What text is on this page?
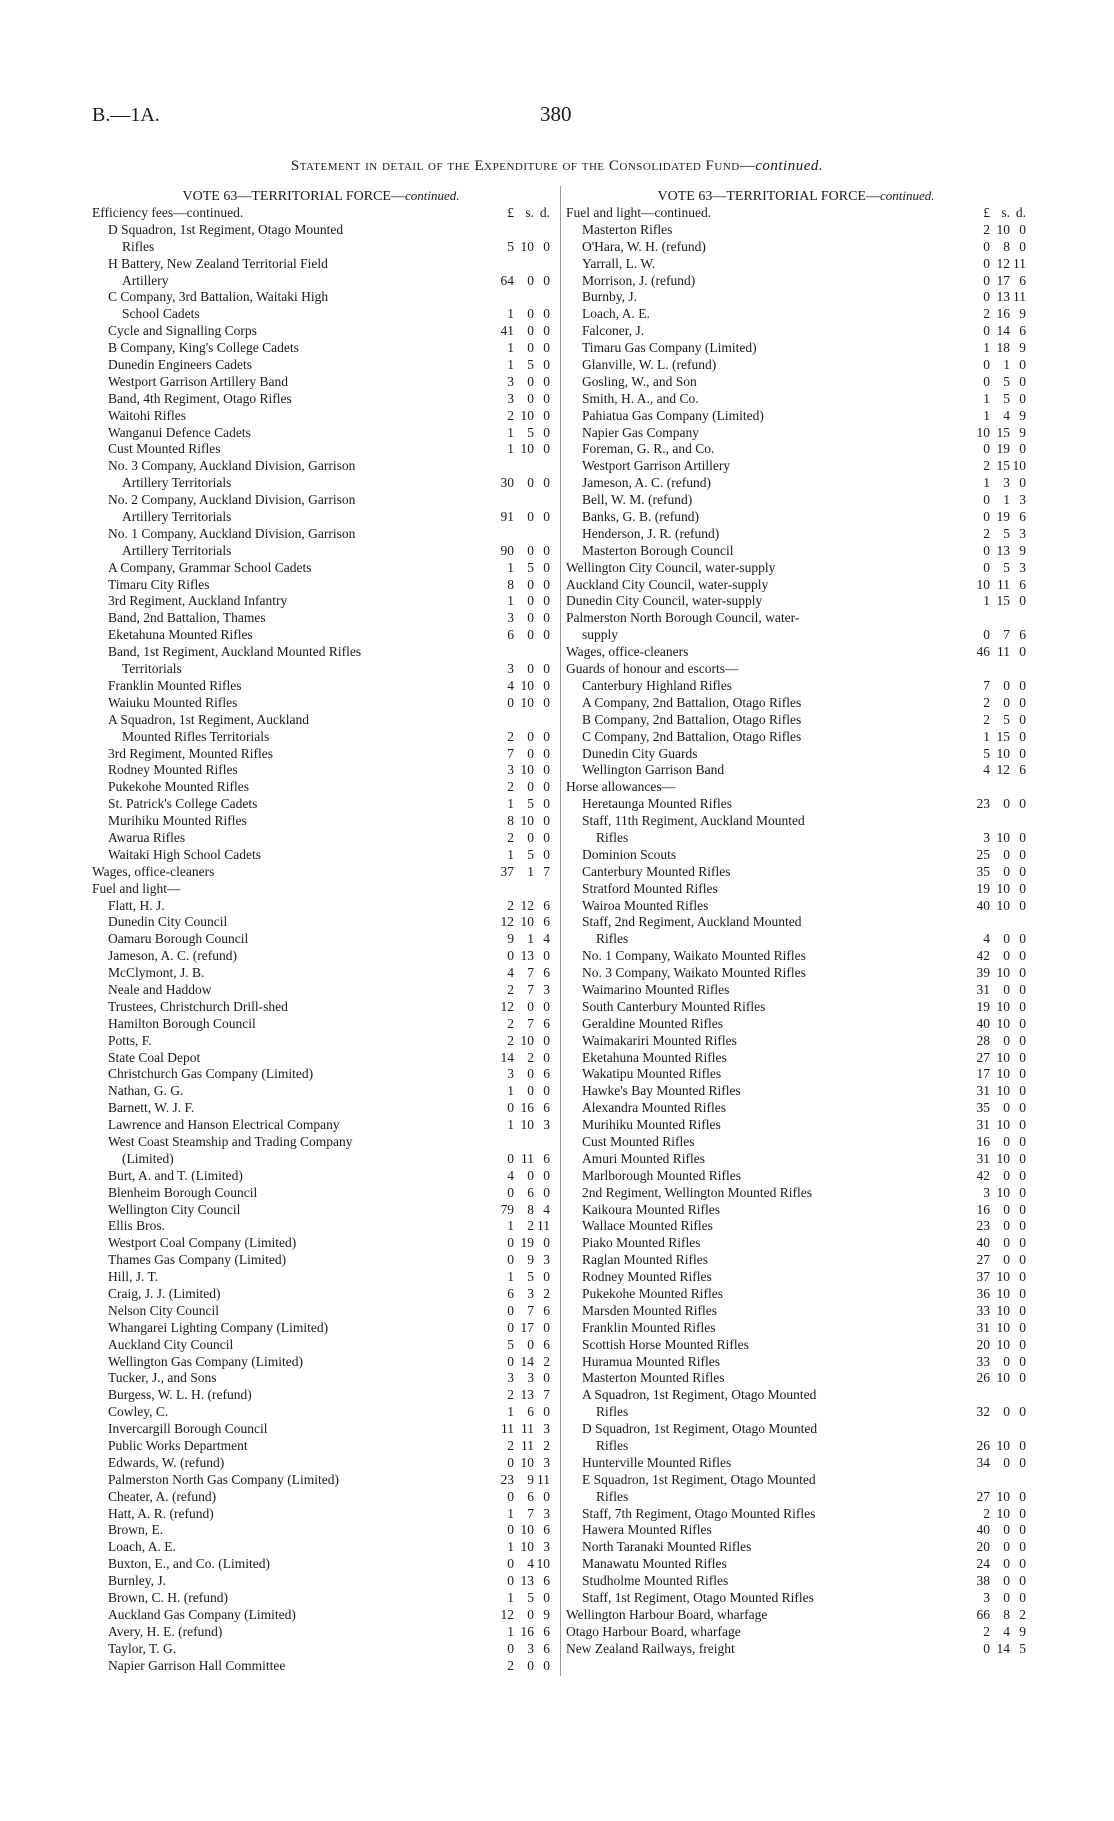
B.—1A.	380
Statement in detail of the Expenditure of the Consolidated Fund—continued.
VOTE 63—TERRITORIAL FORCE—continued.
Efficiency fees—continued.	£ s. d.
D Squadron, 1st Regiment, Otago Mounted
Rifles	5 10 0
H Battery, New Zealand Territorial Field
Artillery	64 0 0
C Company, 3rd Battalion, Waitaki High
School Cadets	1 0 0
Cycle and Signalling Corps	41 0 0
B Company, King's College Cadets	1 0 0
Dunedin Engineers Cadets	1 5 0
Westport Garrison Artillery Band	3 0 0
Band, 4th Regiment, Otago Rifles	3 0 0
Waitohi Rifles	2 10 0
Wanganui Defence Cadets	1 5 0
Cust Mounted Rifles	1 10 0
No. 3 Company, Auckland Division, Garrison
Artillery Territorials	30 0 0
No. 2 Company, Auckland Division, Garrison
Artillery Territorials	91 0 0
No. 1 Company, Auckland Division, Garrison
Artillery Territorials	90 0 0
A Company, Grammar School Cadets	1 5 0
Timaru City Rifles	8 0 0
3rd Regiment, Auckland Infantry	1 0 0
Band, 2nd Battalion, Thames	3 0 0
Eketahuna Mounted Rifles	6 0 0
Band, 1st Regiment, Auckland Mounted Rifles
Territorials	3 0 0
Franklin Mounted Rifles	4 10 0
Waiuku Mounted Rifles	0 10 0
A Squadron, 1st Regiment, Auckland
Mounted Rifles Territorials	2 0 0
3rd Regiment, Mounted Rifles	7 0 0
Rodney Mounted Rifles	3 10 0
Pukekohe Mounted Rifles	2 0 0
St. Patrick's College Cadets	1 5 0
Murihiku Mounted Rifles	8 10 0
Awarua Rifles	2 0 0
Waitaki High School Cadets	1 5 0
Wages, office-cleaners	37 1 7
Fuel and light—
Flatt, H. J.	2 12 6
Dunedin City Council	12 10 6
Oamaru Borough Council	9 1 4
Jameson, A. C. (refund)	0 13 0
McClymont, J. B.	4 7 6
Neale and Haddow	2 7 3
Trustees, Christchurch Drill-shed	12 0 0
Hamilton Borough Council	2 7 6
Potts, F.	2 10 0
State Coal Depot	14 2 0
Christchurch Gas Company (Limited)	3 0 6
Nathan, G. G.	1 0 0
Barnett, W. J. F.	0 16 6
Lawrence and Hanson Electrical Company	1 10 3
West Coast Steamship and Trading Company
(Limited)	0 11 6
Burt, A. and T. (Limited)	4 0 0
Blenheim Borough Council	0 6 0
Wellington City Council	79 8 4
Ellis Bros.	1 2 11
Westport Coal Company (Limited)	0 19 0
Thames Gas Company (Limited)	0 9 3
Hill, J. T.	1 5 0
Craig, J. J. (Limited)	6 3 2
Nelson City Council	0 7 6
Whangarei Lighting Company (Limited)	0 17 0
Auckland City Council	5 0 6
Wellington Gas Company (Limited)	0 14 2
Tucker, J., and Sons	3 3 0
Burgess, W. L. H. (refund)	2 13 7
Cowley, C.	1 6 0
Invercargill Borough Council	11 11 3
Public Works Department	2 11 2
Edwards, W. (refund)	0 10 3
Palmerston North Gas Company (Limited)	23 9 11
Cheater, A. (refund)	0 6 0
Hatt, A. R. (refund)	1 7 3
Brown, E.	0 10 6
Loach, A. E.	1 10 3
Buxton, E., and Co. (Limited)	0 4 10
Burnley, J.	0 13 6
Brown, C. H. (refund)	1 5 0
Auckland Gas Company (Limited)	12 0 9
Avery, H. E. (refund)	1 16 6
Taylor, T. G.	0 3 6
Napier Garrison Hall Committee	2 0 0
VOTE 63—TERRITORIAL FORCE—continued.
Fuel and light—continued.	£ s. d.
Masterton Rifles	2 10 0
O'Hara, W. H. (refund)	0 8 0
Yarrall, L. W.	0 12 11
Morrison, J. (refund)	0 17 6
Burnby, J.	0 13 11
Loach, A. E.	2 16 9
Falconer, J.	0 14 6
Timaru Gas Company (Limited)	1 18 9
Glanville, W. L. (refund)	0 1 0
Gosling, W., and Son	0 5 0
Smith, H. A., and Co.	1 5 0
Pahiatua Gas Company (Limited)	1 4 9
Napier Gas Company	10 15 9
Foreman, G. R., and Co.	0 19 0
Westport Garrison Artillery	2 15 10
Jameson, A. C. (refund)	1 3 0
Bell, W. M. (refund)	0 1 3
Banks, G. B. (refund)	0 19 6
Henderson, J. R. (refund)	2 5 3
Masterton Borough Council	0 13 9
Wellington City Council, water-supply	0 5 3
Auckland City Council, water-supply	10 11 6
Dunedin City Council, water-supply	1 15 0
Palmerston North Borough Council, water-
supply	0 7 6
Wages, office-cleaners	46 11 0
Guards of honour and escorts—
Canterbury Highland Rifles	7 0 0
A Company, 2nd Battalion, Otago Rifles	2 0 0
B Company, 2nd Battalion, Otago Rifles	2 5 0
C Company, 2nd Battalion, Otago Rifles	1 15 0
Dunedin City Guards	5 10 0
Wellington Garrison Band	4 12 6
Horse allowances—
Heretaunga Mounted Rifles	23 0 0
Staff, 11th Regiment, Auckland Mounted
Rifles	3 10 0
Dominion Scouts	25 0 0
Canterbury Mounted Rifles	35 0 0
Stratford Mounted Rifles	19 10 0
Wairoa Mounted Rifles	40 10 0
Staff, 2nd Regiment, Auckland Mounted
Rifles	4 0 0
No. 1 Company, Waikato Mounted Rifles	42 0 0
No. 3 Company, Waikato Mounted Rifles	39 10 0
Waimarino Mounted Rifles	31 0 0
South Canterbury Mounted Rifles	19 10 0
Geraldine Mounted Rifles	40 10 0
Waimakariri Mounted Rifles	28 0 0
Eketahuna Mounted Rifles	27 10 0
Wakatipu Mounted Rifles	17 10 0
Hawke's Bay Mounted Rifles	31 10 0
Alexandra Mounted Rifles	35 0 0
Murihiku Mounted Rifles	31 10 0
Cust Mounted Rifles	16 0 0
Amuri Mounted Rifles	31 10 0
Marlborough Mounted Rifles	42 0 0
2nd Regiment, Wellington Mounted Rifles	3 10 0
Kaikoura Mounted Rifles	16 0 0
Wallace Mounted Rifles	23 0 0
Piako Mounted Rifles	40 0 0
Raglan Mounted Rifles	27 0 0
Rodney Mounted Rifles	37 10 0
Pukekohe Mounted Rifles	36 10 0
Marsden Mounted Rifles	33 10 0
Franklin Mounted Rifles	31 10 0
Scottish Horse Mounted Rifles	20 10 0
Huramua Mounted Rifles	33 0 0
Masterton Mounted Rifles	26 10 0
A Squadron, 1st Regiment, Otago Mounted
Rifles	32 0 0
D Squadron, 1st Regiment, Otago Mounted
Rifles	26 10 0
Hunterville Mounted Rifles	34 0 0
E Squadron, 1st Regiment, Otago Mounted
Rifles	27 10 0
Staff, 7th Regiment, Otago Mounted Rifles	2 10 0
Hawera Mounted Rifles	40 0 0
North Taranaki Mounted Rifles	20 0 0
Manawatu Mounted Rifles	24 0 0
Studholme Mounted Rifles	38 0 0
Staff, 1st Regiment, Otago Mounted Rifles	3 0 0
Wellington Harbour Board, wharfage	66 8 2
Otago Harbour Board, wharfage	2 4 9
New Zealand Railways, freight	0 14 5
